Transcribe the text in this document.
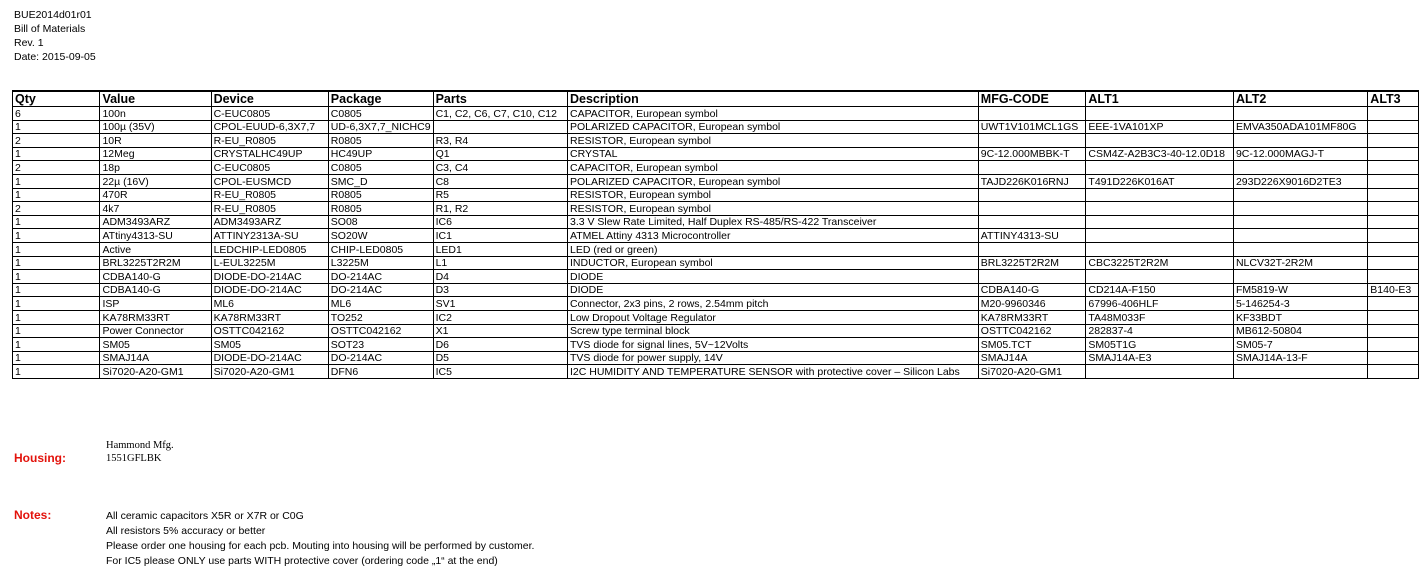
BUE2014d01r01
Bill of Materials
Rev. 1
Date: 2015-09-05
Qty	Value	Device	Package	Parts	Description	MFG-CODE	ALT1	ALT2	ALT3
6	100n	C-EUC0805	C0805	C1, C2, C6, C7, C10, C12	CAPACITOR, European symbol				
1	100µ (35V)	CPOL-EUUD-6,3X7,7	UD-6,3X7,7_NICHC9		POLARIZED CAPACITOR, European symbol	UWT1V101MCL1GS	EEE-1VA101XP	EMVA350ADA101MF80G	
2	10R	R-EU_R0805	R0805	R3, R4	RESISTOR, European symbol				
1	12Meg	CRYSTALHC49UP	HC49UP	Q1	CRYSTAL	9C-12.000MBBK-T	CSM4Z-A2B3C3-40-12.0D18	9C-12.000MAGJ-T	
2	18p	C-EUC0805	C0805	C3, C4	CAPACITOR, European symbol				
1	22µ (16V)	CPOL-EUSMCD	SMC_D	C8	POLARIZED CAPACITOR, European symbol	TAJD226K016RNJ	T491D226K016AT	293D226X9016D2TE3	
1	470R	R-EU_R0805	R0805	R5	RESISTOR, European symbol				
2	4k7	R-EU_R0805	R0805	R1, R2	RESISTOR, European symbol				
1	ADM3493ARZ	ADM3493ARZ	SO08	IC6	3.3 V Slew Rate Limited, Half Duplex RS-485/RS-422 Transceiver				
1	ATtiny4313-SU	ATTINY2313A-SU	SO20W	IC1	ATMEL Attiny 4313 Microcontroller	ATTINY4313-SU			
1	Active	LEDCHIP-LED0805	CHIP-LED0805	LED1	LED (red or green)				
1	BRL3225T2R2M	L-EUL3225M	L3225M	L1	INDUCTOR, European symbol	BRL3225T2R2M	CBC3225T2R2M	NLCV32T-2R2M	
1	CDBA140-G	DIODE-DO-214AC	DO-214AC	D4	DIODE				
1	CDBA140-G	DIODE-DO-214AC	DO-214AC	D3	DIODE	CDBA140-G	CD214A-F150	FM5819-W	B140-E3
1	ISP	ML6	ML6	SV1	Connector, 2x3 pins, 2 rows, 2.54mm pitch	M20-9960346	67996-406HLF	5-146254-3	
1	KA78RM33RT	KA78RM33RT	TO252	IC2	Low Dropout Voltage Regulator	KA78RM33RT	TA48M033F	KF33BDT	
1	Power Connector	OSTTC042162	OSTTC042162	X1	Screw type terminal block	OSTTC042162	282837-4	MB612-50804	
1	SM05	SM05	SOT23	D6	TVS diode for signal lines, 5V~12Volts	SM05.TCT	SM05T1G	SM05-7	
1	SMAJ14A	DIODE-DO-214AC	DO-214AC	D5	TVS diode for power supply, 14V	SMAJ14A	SMAJ14A-E3	SMAJ14A-13-F	
1	Si7020-A20-GM1	Si7020-A20-GM1	DFN6	IC5	I2C HUMIDITY AND TEMPERATURE SENSOR with protective cover – Silicon Labs	Si7020-A20-GM1			
Housing:
Hammond Mfg.
1551GFLBK
Notes:	All ceramic capacitors X5R or X7R or C0G
All resistors 5% accuracy or better
Please order one housing for each pcb. Mouting into housing will be performed by customer.
For IC5 please ONLY use parts WITH protective cover (ordering code „1“ at the end)
